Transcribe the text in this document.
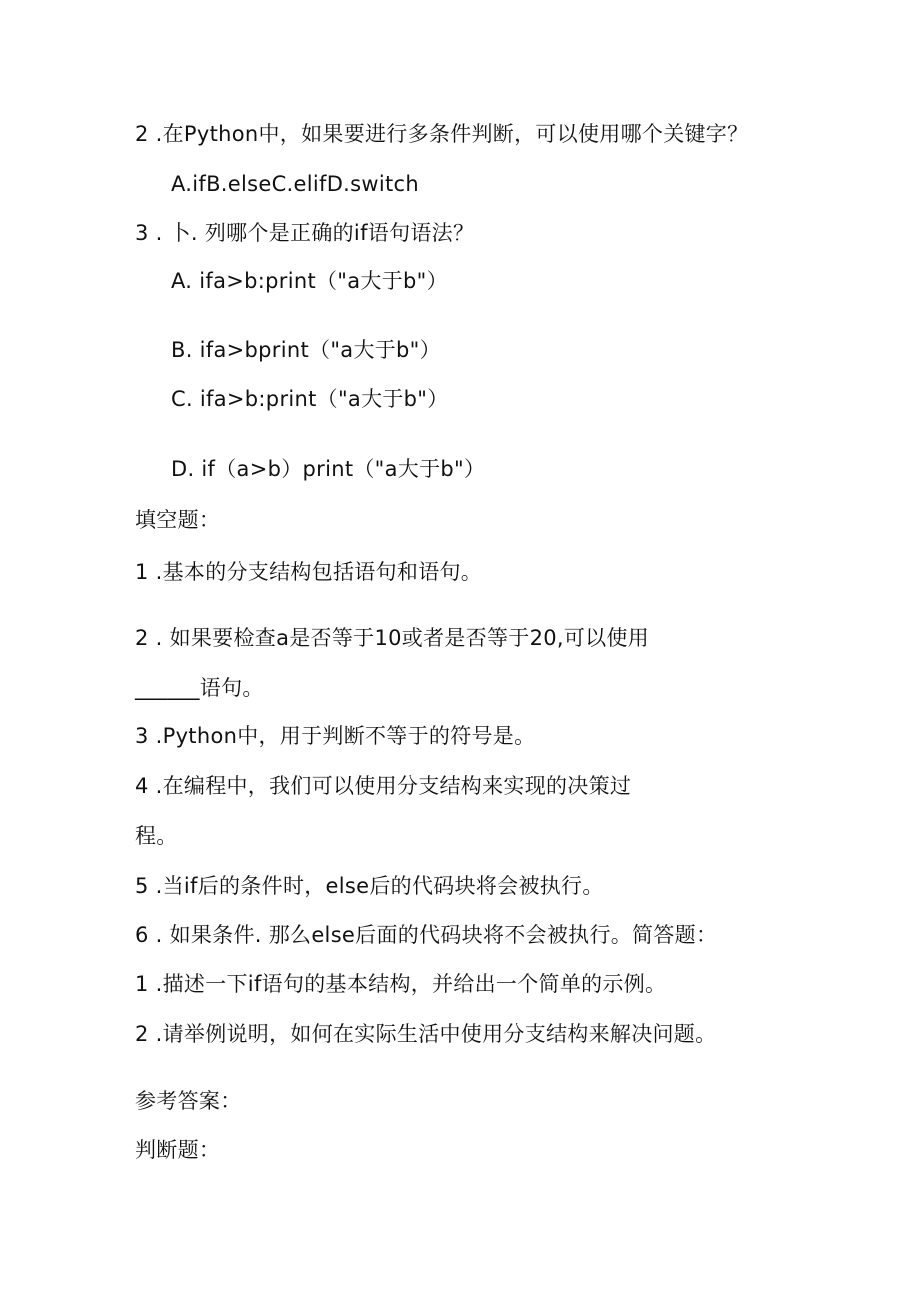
2 .在Python中，如果要进行多条件判断，可以使用哪个关键字？
A.ifB.elseC.elifD.switch
3 . 卜. 列哪个是正确的if语句语法？
A. ifa>b:print（"a大于b"）
B. ifa>bprint（"a大于b"）
C. ifa>b:print（"a大于b"）
D. if（a>b）print（"a大于b"）
填空题：
1 .基本的分支结构包括语句和语句。
2 . 如果要检查a是否等于10或者是否等于20,可以使用
______语句。
3 .Python中，用于判断不等于的符号是。
4 .在编程中，我们可以使用分支结构来实现的决策过
程。
5 .当if后的条件时，else后的代码块将会被执行。
6 . 如果条件. 那么else后面的代码块将不会被执行。简答题：
1 .描述一下if语句的基本结构，并给出一个简单的示例。
2 .请举例说明，如何在实际生活中使用分支结构来解决问题。
参考答案：
判断题：
